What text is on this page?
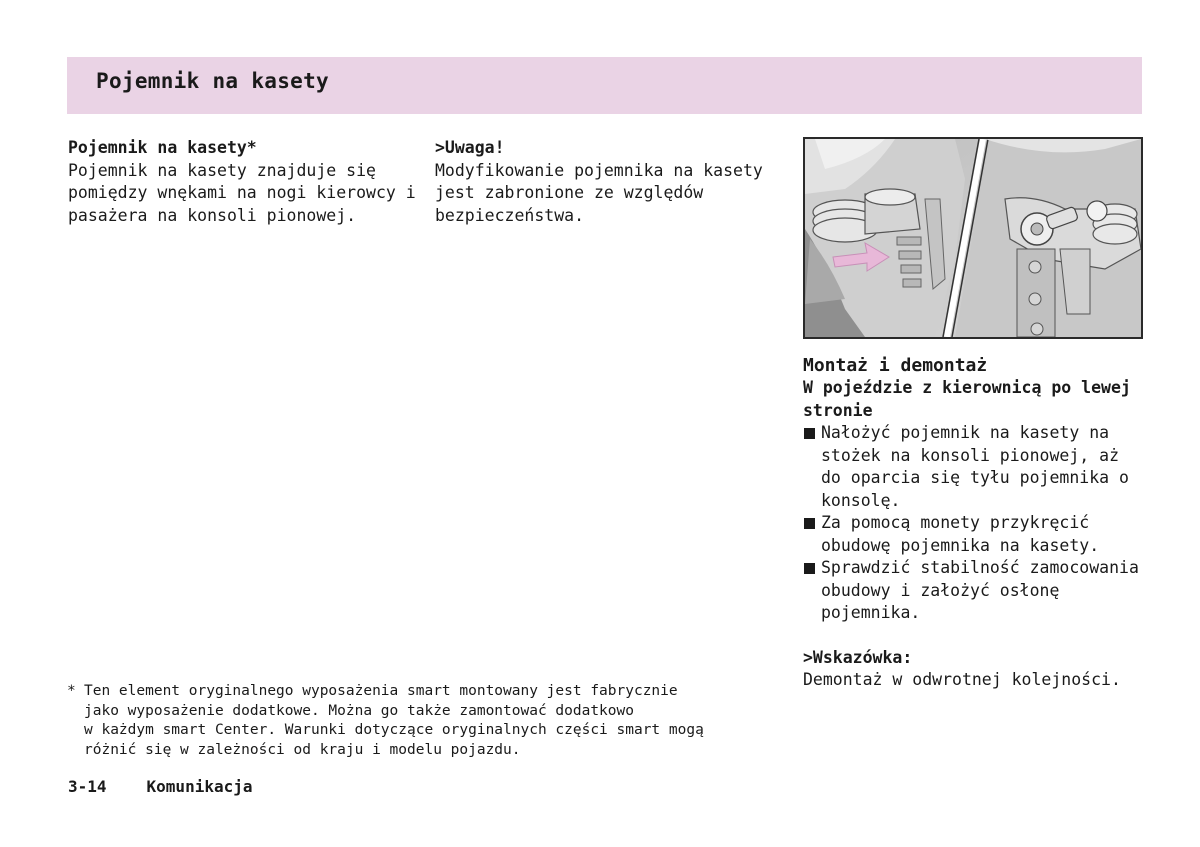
Pojemnik na kasety

Pojemnik na kasety*

Pojemnik na kasety znajduje się pomiędzy wnękami na nogi kierowcy i pasażera na konsoli pionowej.

>Uwaga!

Modyfikowanie pojemnika na kasety jest zabronione ze względów bezpieczeństwa.

Montaż i demontaż

W pojeździe z kierownicą po lewej stronie

Nałożyć pojemnik na kasety na stożek na konsoli pionowej, aż do oparcia się tyłu pojemnika o konsolę.
Za pomocą monety przykręcić obudowę pojemnika na kasety.
Sprawdzić stabilność zamocowania obudowy i założyć osłonę pojemnika.

>Wskazówka:

Demontaż w odwrotnej kolejności.

* Ten element oryginalnego wyposażenia smart montowany jest fabrycznie
jako wyposażenie dodatkowe. Można go także zamontować dodatkowo
w każdym smart Center. Warunki dotyczące oryginalnych części smart mogą
różnić się w zależności od kraju i modelu pojazdu.
3-14	Komunikacja
